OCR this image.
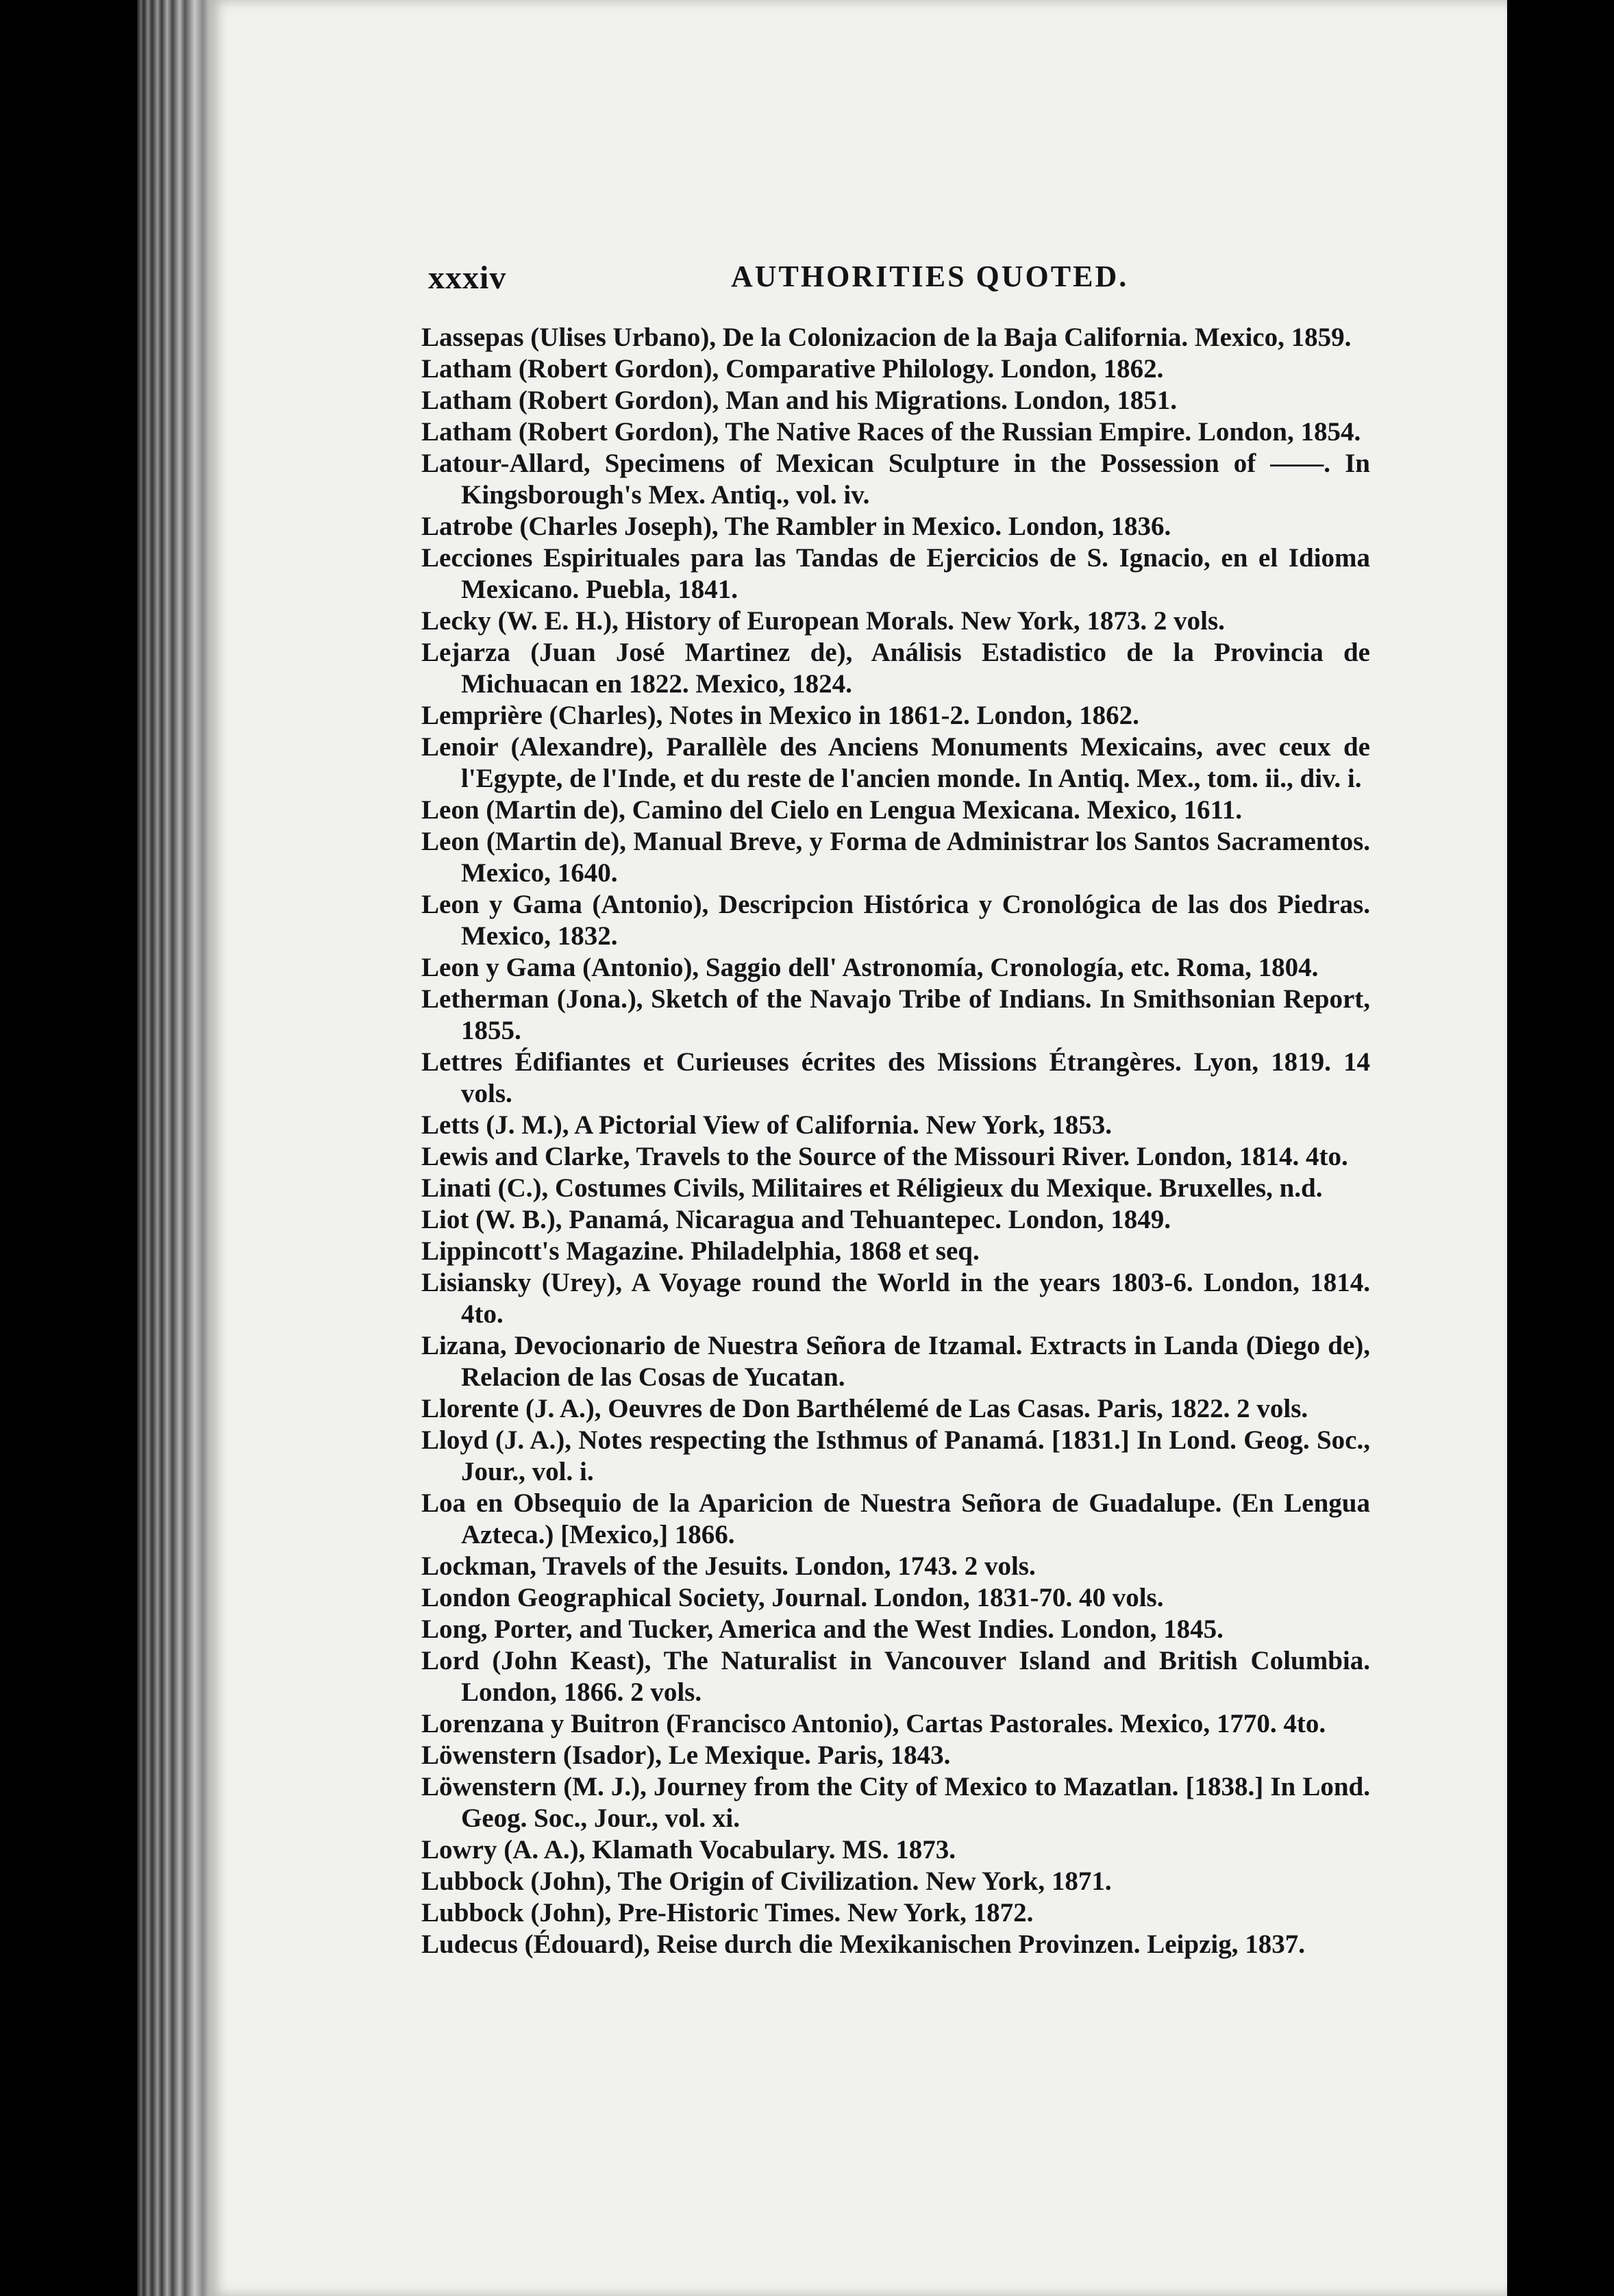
xxxiv	AUTHORITIES QUOTED.

Lassepas (Ulises Urbano), De la Colonizacion de la Baja California. Mexico, 1859.

Latham (Robert Gordon), Comparative Philology. London, 1862.

Latham (Robert Gordon), Man and his Migrations. London, 1851.

Latham (Robert Gordon), The Native Races of the Russian Empire. London, 1854.

Latour-Allard, Specimens of Mexican Sculpture in the Possession of ——. In Kingsborough's Mex. Antiq., vol. iv.

Latrobe (Charles Joseph), The Rambler in Mexico. London, 1836.

Lecciones Espirituales para las Tandas de Ejercicios de S. Ignacio, en el Idioma Mexicano. Puebla, 1841.

Lecky (W. E. H.), History of European Morals. New York, 1873. 2 vols.

Lejarza (Juan José Martinez de), Análisis Estadistico de la Provincia de Michuacan en 1822. Mexico, 1824.

Lemprière (Charles), Notes in Mexico in 1861-2. London, 1862.

Lenoir (Alexandre), Parallèle des Anciens Monuments Mexicains, avec ceux de l'Egypte, de l'Inde, et du reste de l'ancien monde. In Antiq. Mex., tom. ii., div. i.

Leon (Martin de), Camino del Cielo en Lengua Mexicana. Mexico, 1611.

Leon (Martin de), Manual Breve, y Forma de Administrar los Santos Sacramentos. Mexico, 1640.

Leon y Gama (Antonio), Descripcion Histórica y Cronológica de las dos Piedras. Mexico, 1832.

Leon y Gama (Antonio), Saggio dell' Astronomía, Cronología, etc. Roma, 1804.

Letherman (Jona.), Sketch of the Navajo Tribe of Indians. In Smithsonian Report, 1855.

Lettres Édifiantes et Curieuses écrites des Missions Étrangères. Lyon, 1819. 14 vols.

Letts (J. M.), A Pictorial View of California. New York, 1853.

Lewis and Clarke, Travels to the Source of the Missouri River. London, 1814. 4to.

Linati (C.), Costumes Civils, Militaires et Réligieux du Mexique. Bruxelles, n.d.

Liot (W. B.), Panamá, Nicaragua and Tehuantepec. London, 1849.

Lippincott's Magazine. Philadelphia, 1868 et seq.

Lisiansky (Urey), A Voyage round the World in the years 1803-6. London, 1814. 4to.

Lizana, Devocionario de Nuestra Señora de Itzamal. Extracts in Landa (Diego de), Relacion de las Cosas de Yucatan.

Llorente (J. A.), Oeuvres de Don Barthélemé de Las Casas. Paris, 1822. 2 vols.

Lloyd (J. A.), Notes respecting the Isthmus of Panamá. [1831.] In Lond. Geog. Soc., Jour., vol. i.

Loa en Obsequio de la Aparicion de Nuestra Señora de Guadalupe. (En Lengua Azteca.) [Mexico,] 1866.

Lockman, Travels of the Jesuits. London, 1743. 2 vols.

London Geographical Society, Journal. London, 1831-70. 40 vols.

Long, Porter, and Tucker, America and the West Indies. London, 1845.

Lord (John Keast), The Naturalist in Vancouver Island and British Columbia. London, 1866. 2 vols.

Lorenzana y Buitron (Francisco Antonio), Cartas Pastorales. Mexico, 1770. 4to.

Löwenstern (Isador), Le Mexique. Paris, 1843.

Löwenstern (M. J.), Journey from the City of Mexico to Mazatlan. [1838.] In Lond. Geog. Soc., Jour., vol. xi.

Lowry (A. A.), Klamath Vocabulary. MS. 1873.

Lubbock (John), The Origin of Civilization. New York, 1871.

Lubbock (John), Pre-Historic Times. New York, 1872.

Ludecus (Édouard), Reise durch die Mexikanischen Provinzen. Leipzig, 1837.
